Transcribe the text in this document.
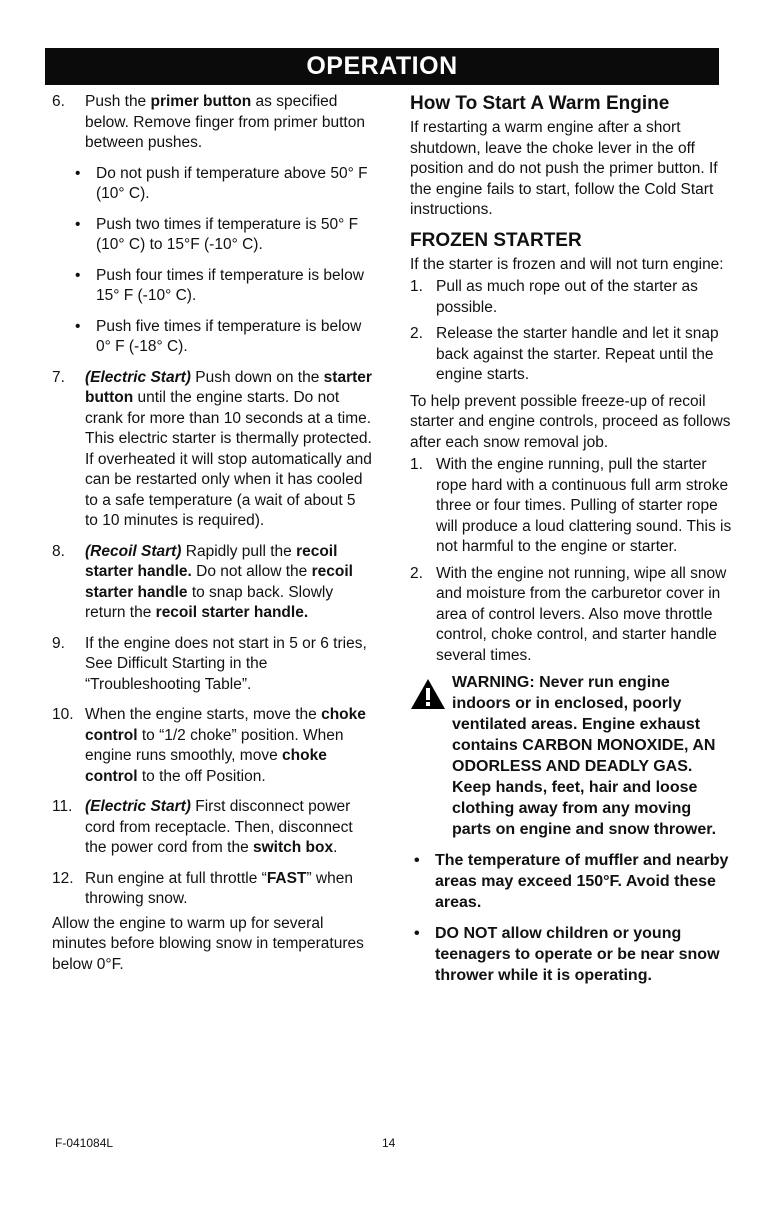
OPERATION
6. Push the primer button as specified below. Remove finger from primer button between pushes.
• Do not push if temperature above 50° F (10° C).
• Push two times if temperature is 50° F (10° C) to 15°F (-10° C).
• Push four times if temperature is below 15° F (-10° C).
• Push five times if temperature is below 0° F (-18° C).
7. (Electric Start) Push down on the starter button until the engine starts. Do not crank for more than 10 seconds at a time. This electric starter is thermally protected. If overheated it will stop automatically and can be restarted only when it has cooled to a safe temperature (a wait of about 5 to 10 minutes is required).
8. (Recoil Start) Rapidly pull the recoil starter handle. Do not allow the recoil starter handle to snap back. Slowly return the recoil starter handle.
9. If the engine does not start in 5 or 6 tries, See Difficult Starting in the “Troubleshooting Table”.
10. When the engine starts, move the choke control to “1/2 choke” position. When engine runs smoothly, move choke control to the off Position.
11. (Electric Start) First disconnect power cord from receptacle. Then, disconnect the power cord from the switch box.
12. Run engine at full throttle “FAST” when throwing snow.

Allow the engine to warm up for several minutes before blowing snow in temperatures below 0°F.

How To Start A Warm Engine

If restarting a warm engine after a short shutdown, leave the choke lever in the off position and do not push the primer button. If the engine fails to start, follow the Cold Start instructions.

FROZEN STARTER

If the starter is frozen and will not turn engine:

1. Pull as much rope out of the starter as possible.
2. Release the starter handle and let it snap back against the starter. Repeat until the engine starts.

To help prevent possible freeze-up of recoil starter and engine controls, proceed as follows after each snow removal job.

1. With the engine running, pull the starter rope hard with a continuous full arm stroke three or four times. Pulling of starter rope will produce a loud clattering sound. This is not harmful to the engine or starter.
2. With the engine not running, wipe all snow and moisture from the carburetor cover in area of control levers. Also move throttle control, choke control, and starter handle several times.
WARNING: Never run engine indoors or in enclosed, poorly ventilated areas. Engine exhaust contains CARBON MONOXIDE, AN ODORLESS AND DEADLY GAS. Keep hands, feet, hair and loose clothing away from any moving parts on engine and snow thrower.
• The temperature of muffler and nearby areas may exceed 150°F. Avoid these areas.
• DO NOT allow children or young teenagers to operate or be near snow thrower while it is operating.
F-041084L	14
